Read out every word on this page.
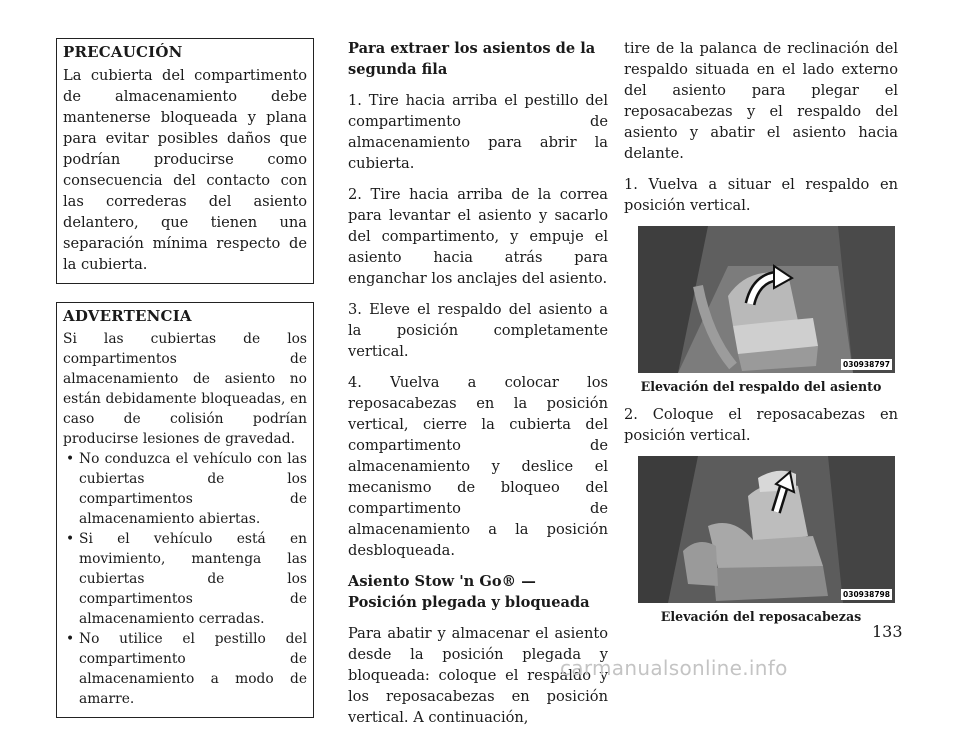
PRECAUCIÓN

La cubierta del compartimento de almacenamiento debe mantenerse bloqueada y plana para evitar posibles daños que podrían producirse como consecuencia del contacto con las correderas del asiento delantero, que tienen una separación mínima respecto de la cubierta.

ADVERTENCIA

Si las cubiertas de los compartimentos de almacenamiento de asiento no están debidamente bloqueadas, en caso de colisión podrían producirse lesiones de gravedad.

• No conduzca el vehículo con las cubiertas de los compartimentos de almacenamiento abiertas.
• Si el vehículo está en movimiento, mantenga las cubiertas de los compartimentos de almacenamiento cerradas.
• No utilice el pestillo del compartimento de almacenamiento a modo de amarre.

Para extraer los asientos de la segunda fila

1. Tire hacia arriba el pestillo del compartimento de almacenamiento para abrir la cubierta.

2. Tire hacia arriba de la correa para levantar el asiento y sacarlo del compartimento, y empuje el asiento hacia atrás para enganchar los anclajes del asiento.

3. Eleve el respaldo del asiento a la posición completamente vertical.

4. Vuelva a colocar los reposacabezas en la posición vertical, cierre la cubierta del compartimento de almacenamiento y deslice el mecanismo de bloqueo del compartimento de almacenamiento a la posición desbloqueada.

Asiento Stow 'n Go® — Posición plegada y bloqueada

Para abatir y almacenar el asiento desde la posición plegada y bloqueada: coloque el respaldo y los reposacabezas en posición vertical. A continuación,

tire de la palanca de reclinación del respaldo situada en el lado externo del asiento para plegar el reposacabezas y el respaldo del asiento y abatir el asiento hacia delante.

1. Vuelva a situar el respaldo en posición vertical.

030938797

Elevación del respaldo del asiento

2. Coloque el reposacabezas en posición vertical.

030938798

Elevación del reposacabezas

133
carmanualsonline.info
